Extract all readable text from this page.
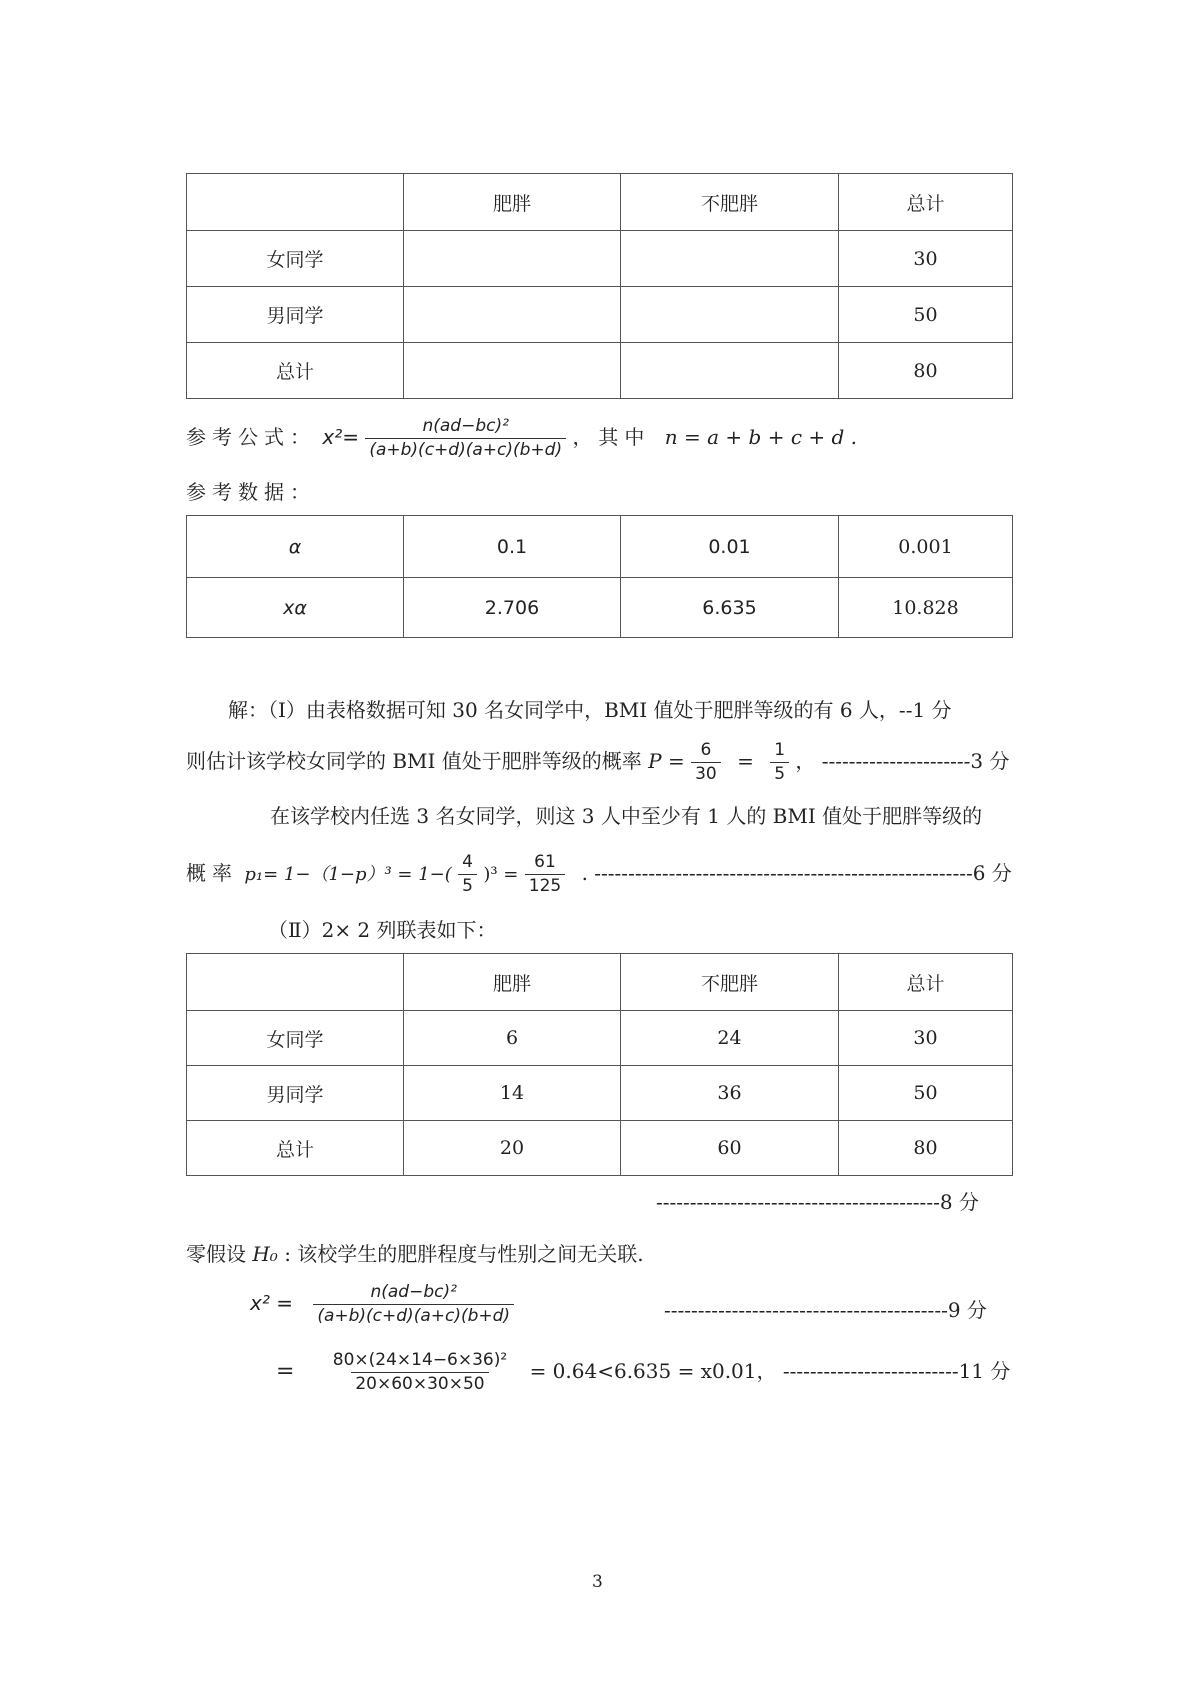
	肥胖	不肥胖	总计
女同学			30
男同学			50
总计			80
参考公式： $x^2= \frac{\text{n(ad−bc)²}}{(a+b)(c+d)(a+c)(b+d)}$ ，其中 n = a + b + c + d .
参考数据：
α	0.1	0.01	0.001
xα	2.706	6.635	10.828
解：（Ⅰ）由表格数据可知 30 名女同学中，BMI 值处于肥胖等级的有 6 人，--1 分
则估计该学校女同学的 BMI 值处于肥胖等级的概率 $P = \frac{6}{30} = \frac{1}{5}$ ， ----------------------3 分
在该学校内任选 3 名女同学，则这 3 人中至少有 1 人的 BMI 值处于肥胖等级的
概率 $p_1= 1-(1-p)^3 = 1-( \frac{4}{5} )^3 = \frac{61}{125}$ . --------------------------------------------------------6 分
（Ⅱ）2× 2 列联表如下：
	肥胖	不肥胖	总计
女同学	6	24	30
男同学	14	36	50
总计	20	60	80
------------------------------------------8 分
零假设 H₀ : 该校学生的肥胖程度与性别之间无关联.
$x^2 = \frac{\text{n(ad−bc)²}}{(a+b)(c+d)(a+c)(b+d)}$	------------------------------------------9 分
= $\frac{\text{80×(24×14−6×36)²}}{20\times 60\times 30\times 50} = 0.64<6.635 = x0.01$， --------------------------11 分
3
